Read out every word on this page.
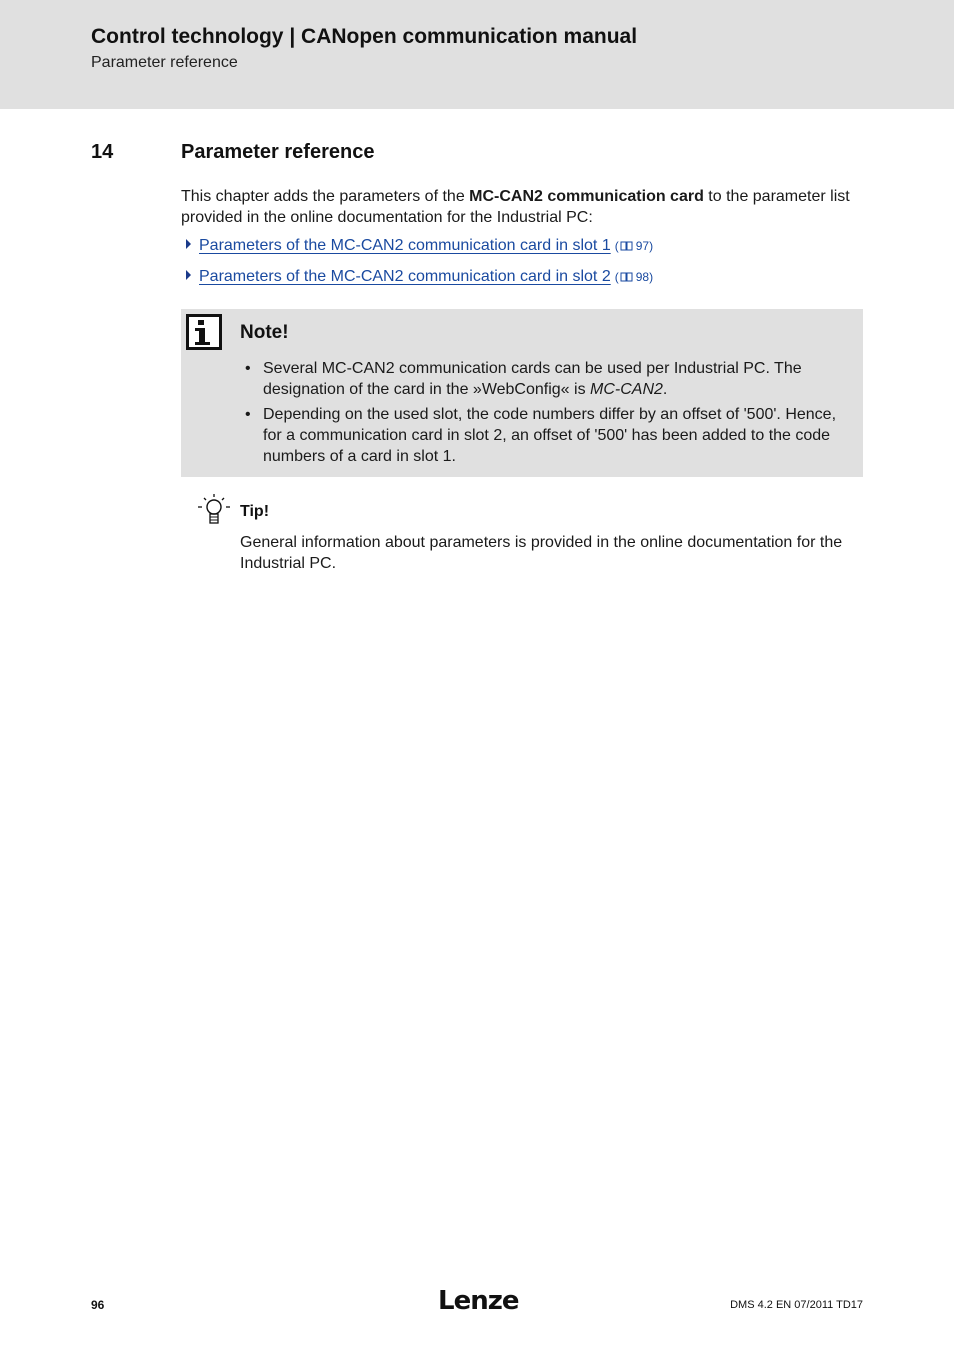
Control technology | CANopen communication manual
Parameter reference
14	Parameter reference
This chapter adds the parameters of the MC-CAN2 communication card to the parameter list provided in the online documentation for the Industrial PC:
Parameters of the MC-CAN2 communication card in slot 1 ( 97 )
Parameters of the MC-CAN2 communication card in slot 2 ( 98 )
Note!
• Several MC-CAN2 communication cards can be used per Industrial PC. The designation of the card in the »WebConfig« is MC-CAN2.
• Depending on the used slot, the code numbers differ by an offset of '500'. Hence, for a communication card in slot 2, an offset of '500' has been added to the code numbers of a card in slot 1.
Tip!
General information about parameters is provided in the online documentation for the Industrial PC.
96	Lenze	DMS 4.2 EN 07/2011 TD17
